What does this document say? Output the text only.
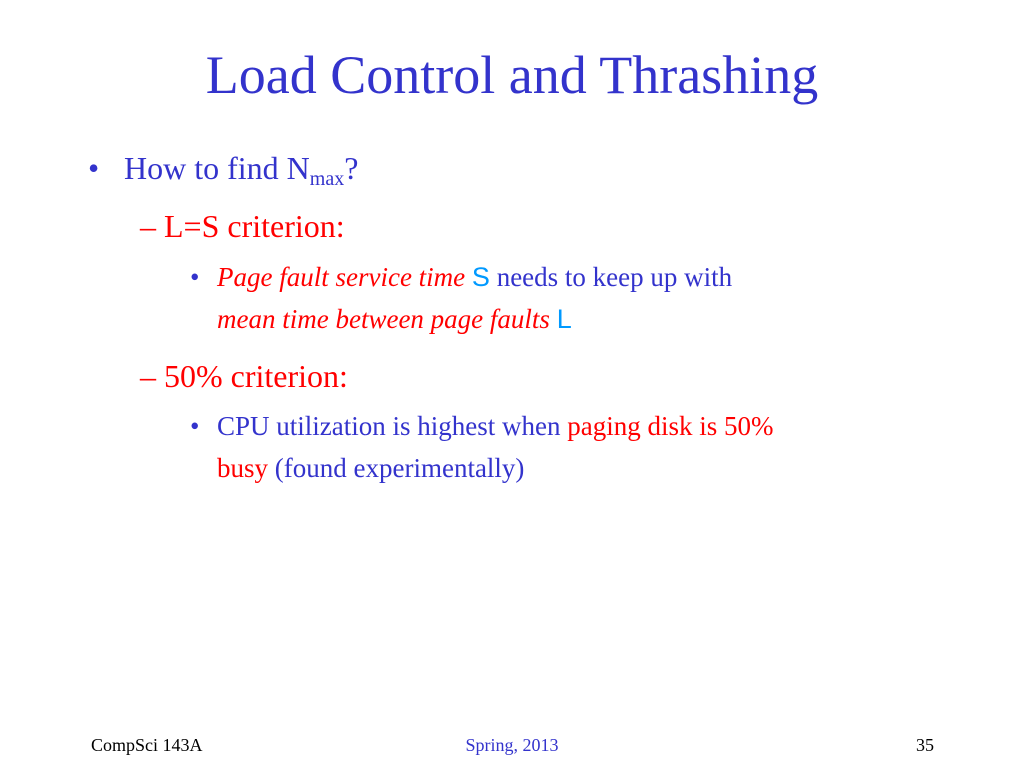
Load Control and Thrashing
• How to find $N_{max}$?
– L=S criterion:
• Page fault service time S needs to keep up with
mean time between page faults L
– 50% criterion:
• CPU utilization is highest when paging disk is 50%
busy (found experimentally)
CompSci 143A	Spring, 2013	35
